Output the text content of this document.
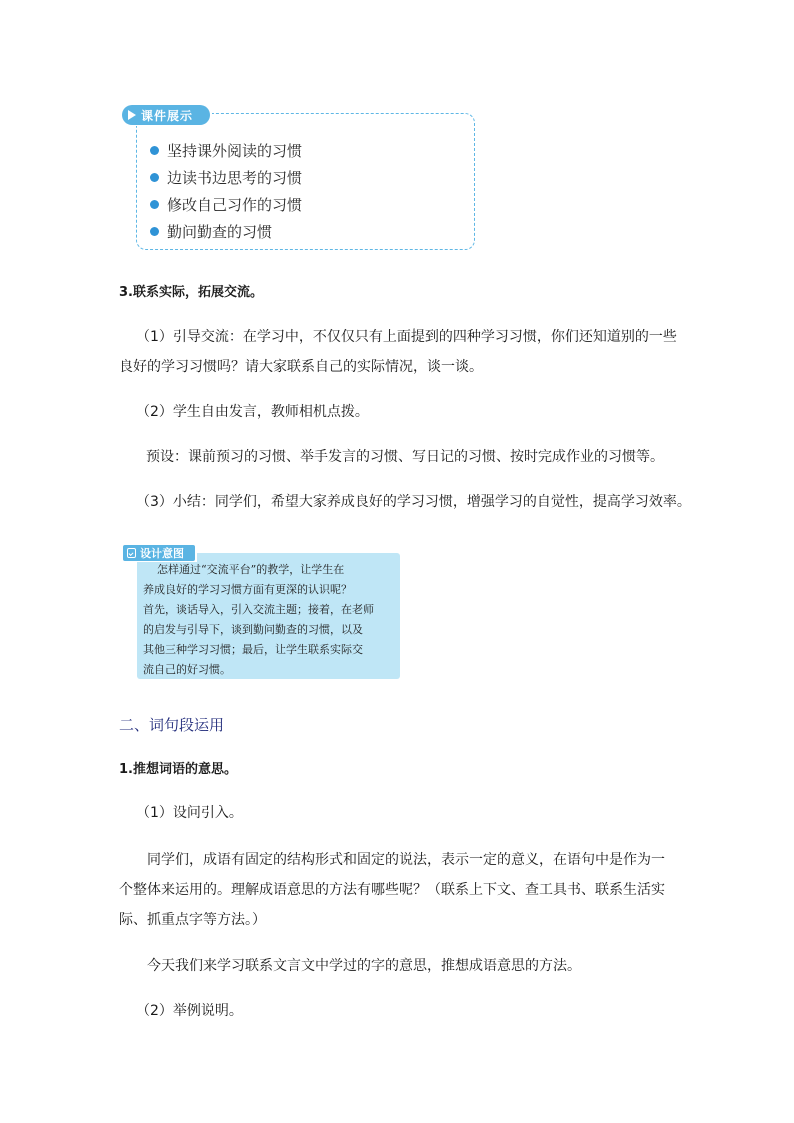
课件展示
坚持课外阅读的习惯
边读书边思考的习惯
修改自己习作的习惯
勤问勤查的习惯
3.联系实际，拓展交流。
（1）引导交流：在学习中，不仅仅只有上面提到的四种学习习惯，你们还知道别的一些
良好的学习习惯吗？请大家联系自己的实际情况，谈一谈。
（2）学生自由发言，教师相机点拨。
预设：课前预习的习惯、举手发言的习惯、写日记的习惯、按时完成作业的习惯等。
（3）小结：同学们，希望大家养成良好的学习习惯，增强学习的自觉性，提高学习效率。
设计意图

怎样通过“交流平台”的教学，让学生在

养成良好的学习习惯方面有更深的认识呢？

首先，谈话导入，引入交流主题；接着，在老师

的启发与引导下，谈到勤问勤查的习惯，以及

其他三种学习习惯；最后，让学生联系实际交

流自己的好习惯。

二、词句段运用
1.推想词语的意思。
（1）设问引入。
同学们，成语有固定的结构形式和固定的说法，表示一定的意义，在语句中是作为一
个整体来运用的。理解成语意思的方法有哪些呢？（联系上下文、查工具书、联系生活实
际、抓重点字等方法。）
今天我们来学习联系文言文中学过的字的意思，推想成语意思的方法。
（2）举例说明。
